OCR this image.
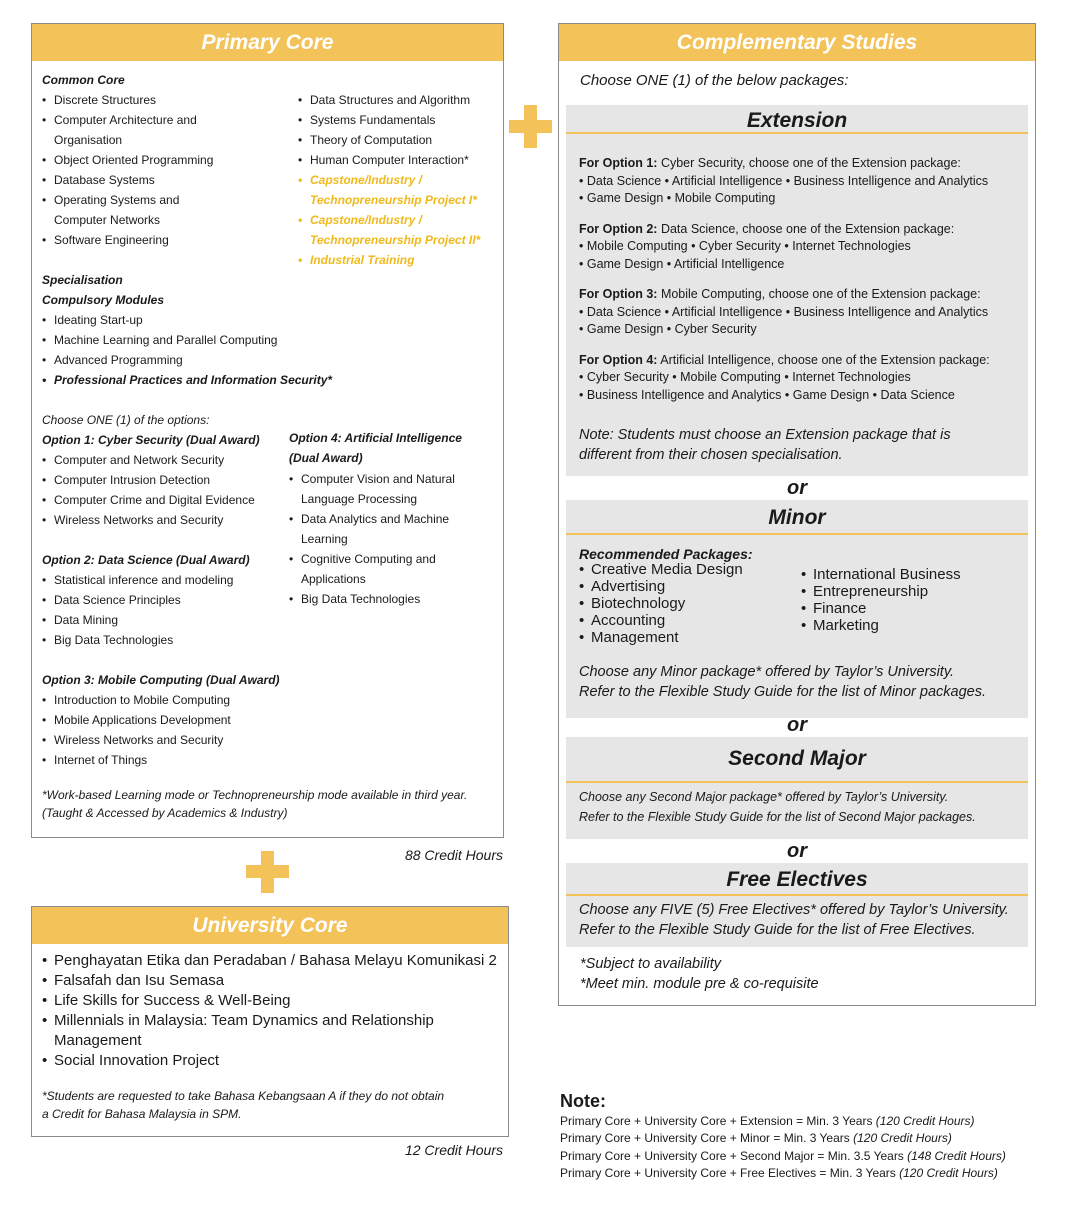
Primary Core
Common Core
• Discrete Structures
• Computer Architecture and
Organisation
• Object Oriented Programming
• Database Systems
• Operating Systems and
Computer Networks
• Software Engineering
• Data Structures and Algorithm
• Systems Fundamentals
• Theory of Computation
• Human Computer Interaction*
• Capstone/Industry /
Technopreneurship Project I*
• Capstone/Industry /
Technopreneurship Project II*
• Industrial Training
Specialisation
Compulsory Modules
• Ideating Start-up
• Machine Learning and Parallel Computing
• Advanced Programming
• Professional Practices and Information Security*
Choose ONE (1) of the options:
Option 1: Cyber Security (Dual Award)
• Computer and Network Security
• Computer Intrusion Detection
• Computer Crime and Digital Evidence
• Wireless Networks and Security
Option 2: Data Science (Dual Award)
• Statistical inference and modeling
• Data Science Principles
• Data Mining
• Big Data Technologies
Option 3: Mobile Computing (Dual Award)
• Introduction to Mobile Computing
• Mobile Applications Development
• Wireless Networks and Security
• Internet of Things
Option 4: Artificial Intelligence
(Dual Award)
• Computer Vision and Natural
Language Processing
• Data Analytics and Machine
Learning
• Cognitive Computing and
Applications
• Big Data Technologies
*Work-based Learning mode or Technopreneurship mode available in third year.
(Taught & Accessed by Academics & Industry)
88 Credit Hours
University Core
• Penghayatan Etika dan Peradaban / Bahasa Melayu Komunikasi 2
• Falsafah dan Isu Semasa
• Life Skills for Success & Well-Being
• Millennials in Malaysia: Team Dynamics and Relationship
Management
• Social Innovation Project
*Students are requested to take Bahasa Kebangsaan A if they do not obtain
a Credit for Bahasa Malaysia in SPM.
12 Credit Hours
Complementary Studies
Choose ONE (1) of the below packages:
Extension

For Option 1: Cyber Security, choose one of the Extension package:

• Data Science • Artificial Intelligence • Business Intelligence and Analytics

• Game Design • Mobile Computing

For Option 2: Data Science, choose one of the Extension package:

• Mobile Computing • Cyber Security • Internet Technologies

• Game Design • Artificial Intelligence

For Option 3: Mobile Computing, choose one of the Extension package:

• Data Science • Artificial Intelligence • Business Intelligence and Analytics

• Game Design • Cyber Security

For Option 4: Artificial Intelligence, choose one of the Extension package:

• Cyber Security • Mobile Computing • Internet Technologies

• Business Intelligence and Analytics • Game Design • Data Science

Note: Students must choose an Extension package that is
different from their chosen specialisation.
or
Minor
Recommended Packages:
• Creative Media Design
• Advertising
• Biotechnology
• Accounting
• Management
• International Business
• Entrepreneurship
• Finance
• Marketing
Choose any Minor package* offered by Taylor’s University.
Refer to the Flexible Study Guide for the list of Minor packages.
or
Second Major
Choose any Second Major package* offered by Taylor’s University.
Refer to the Flexible Study Guide for the list of Second Major packages.
or
Free Electives
Choose any FIVE (5) Free Electives* offered by Taylor’s University.
Refer to the Flexible Study Guide for the list of Free Electives.
*Subject to availability
*Meet min. module pre & co-requisite
Note:
Primary Core + University Core + Extension = Min. 3 Years (120 Credit Hours)
Primary Core + University Core + Minor = Min. 3 Years (120 Credit Hours)
Primary Core + University Core + Second Major = Min. 3.5 Years (148 Credit Hours)
Primary Core + University Core + Free Electives = Min. 3 Years (120 Credit Hours)
